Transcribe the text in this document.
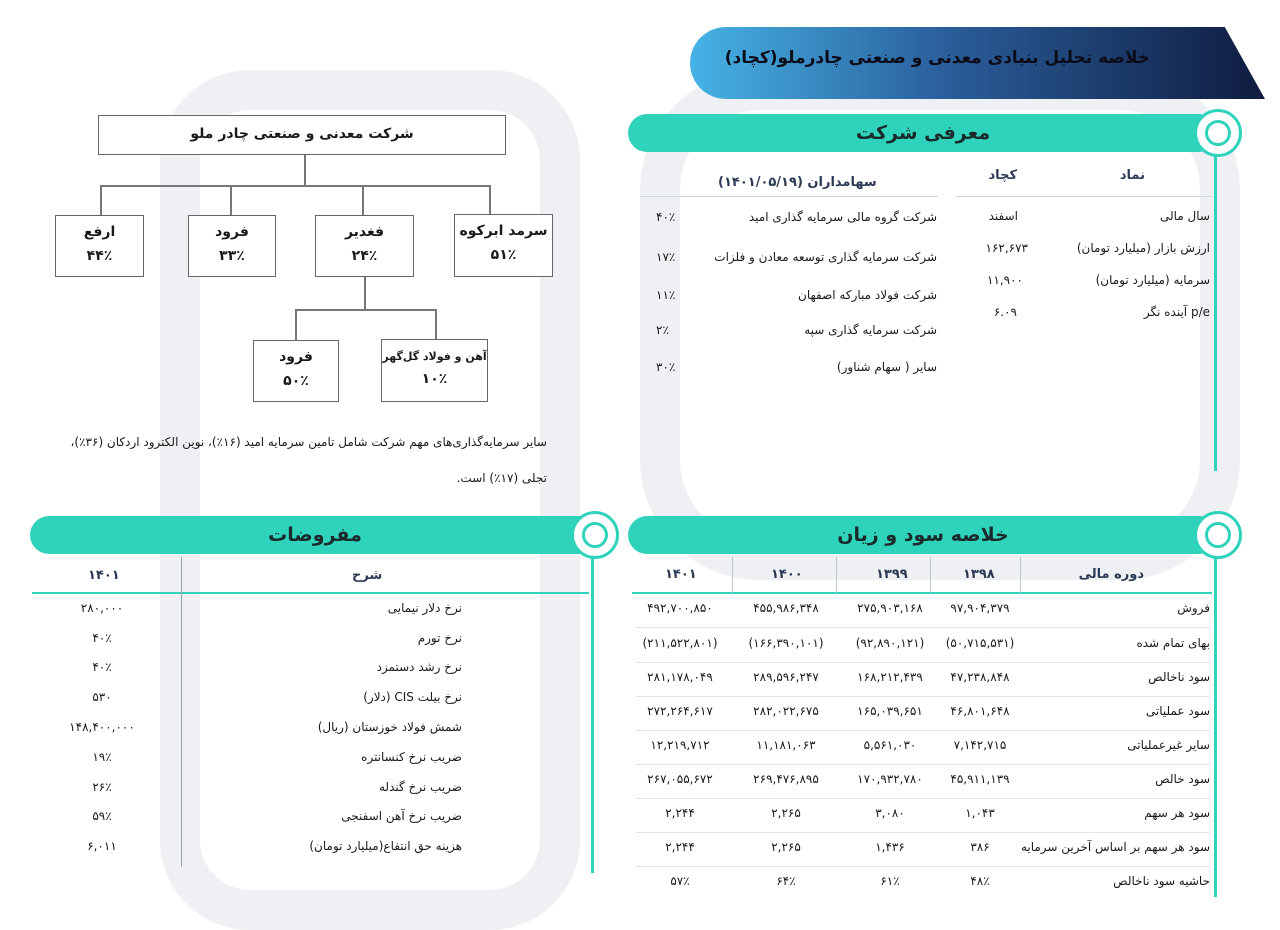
خلاصه تحلیل بنیادی معدنی و صنعتی چادرملو(کچاد)
معرفی شرکت
نماد
کچاد
سال مالی
اسفند
ارزش بازار (میلیارد تومان)
۱۶۲,۶۷۳
سرمایه (میلیارد تومان)
۱۱,۹۰۰
p/e آینده نگر
۶.۰۹
سهامداران (۱۴۰۱/۰۵/۱۹)
شرکت گروه مالی سرمایه گذاری امید
۴۰٪
شرکت سرمایه گذاری توسعه معادن و فلزات
۱۷٪
شرکت فولاد مبارکه اصفهان
۱۱٪
شرکت سرمایه گذاری سپه
۲٪
سایر ( سهام شناور)
۳۰٪
شرکت معدنی و صنعتی چادر ملو
سرمد ابرکوه
۵۱٪
فغدیر
۲۴٪
فرود
۳۳٪
ارفع
۴۴٪
آهن و فولاد گل‌گهر
۱۰٪
فرود
۵۰٪
سایر سرمایه‌گذاری‌های مهم شرکت شامل تامین سرمایه امید (۱۶٪)، نوین الکترود اردکان (۳۶٪)،
تجلی (۱۷٪) است.
خلاصه سود و زیان
دوره مالی
۱۳۹۸
۱۳۹۹
۱۴۰۰
۱۴۰۱
فروش
۹۷,۹۰۴,۳۷۹
۲۷۵,۹۰۳,۱۶۸
۴۵۵,۹۸۶,۳۴۸
۴۹۲,۷۰۰,۸۵۰
بهای تمام شده
(۵۰,۷۱۵,۵۳۱)
(۹۲,۸۹۰,۱۲۱)
(۱۶۶,۳۹۰,۱۰۱)
(۲۱۱,۵۲۲,۸۰۱)
سود ناخالص
۴۷,۲۳۸,۸۴۸
۱۶۸,۲۱۲,۴۳۹
۲۸۹,۵۹۶,۲۴۷
۲۸۱,۱۷۸,۰۴۹
سود عملیاتی
۴۶,۸۰۱,۶۴۸
۱۶۵,۰۳۹,۶۵۱
۲۸۲,۰۲۲,۶۷۵
۲۷۲,۲۶۴,۶۱۷
سایر غیرعملیاتی
۷,۱۴۲,۷۱۵
۵,۵۶۱,۰۳۰
۱۱,۱۸۱,۰۶۳
۱۲,۲۱۹,۷۱۲
سود خالص
۴۵,۹۱۱,۱۳۹
۱۷۰,۹۳۲,۷۸۰
۲۶۹,۴۷۶,۸۹۵
۲۶۷,۰۵۵,۶۷۲
سود هر سهم
۱,۰۴۳
۳,۰۸۰
۲,۲۶۵
۲,۲۴۴
سود هر سهم بر اساس آخرین سرمایه
۳۸۶
۱,۴۳۶
۲,۲۶۵
۲,۲۴۴
حاشیه سود ناخالص
۴۸٪
۶۱٪
۶۴٪
۵۷٪
مفروضات
شرح
۱۴۰۱
نرخ دلار نیمایی
۲۸۰,۰۰۰
نرخ تورم
۴۰٪
نرخ رشد دستمزد
۴۰٪
نرخ بیلت CIS (دلار)
۵۳۰
شمش فولاد خوزستان (ریال)
۱۴۸,۴۰۰,۰۰۰
ضریب نرخ کنسانتره
۱۹٪
ضریب نرخ گندله
۲۶٪
ضریب نرخ آهن اسفنجی
۵۹٪
هزینه حق انتفاع(میلیارد تومان)
۶,۰۱۱
